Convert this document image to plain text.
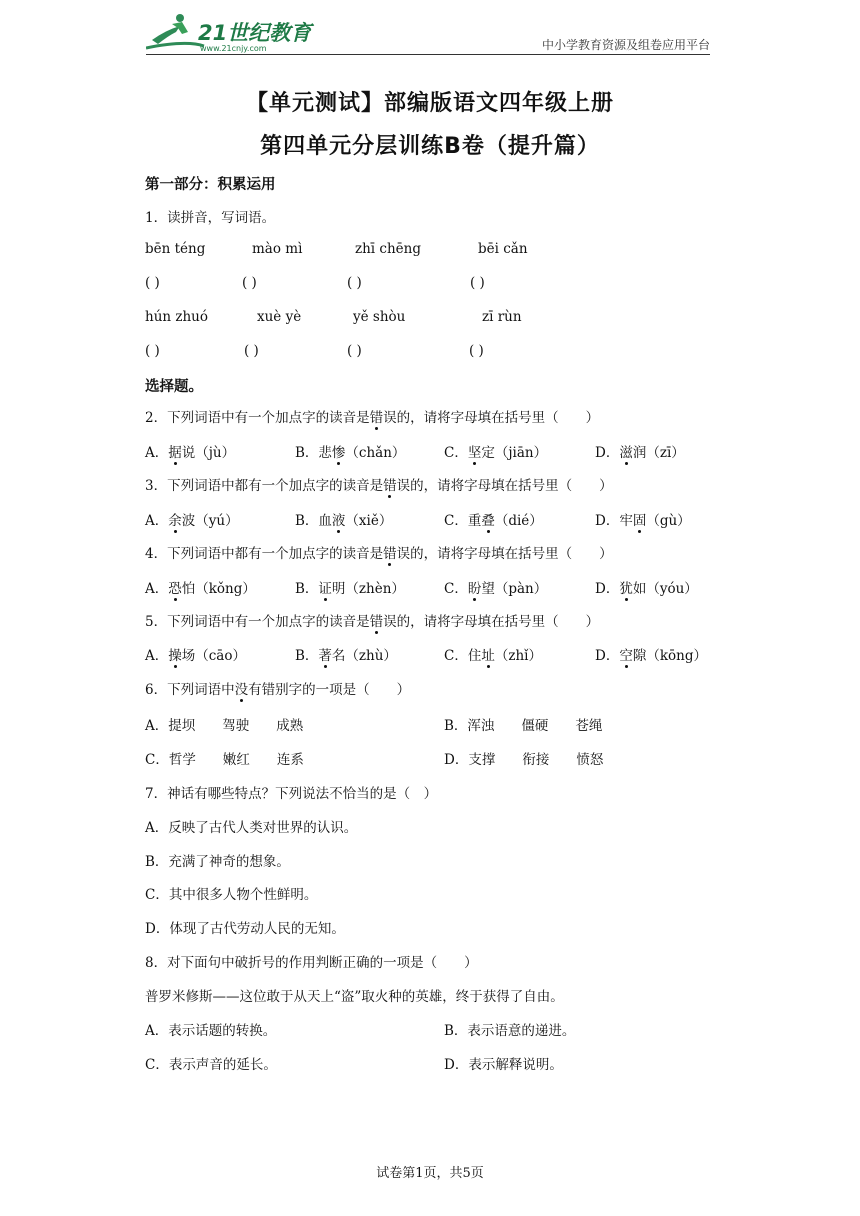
21世纪教育
www.21cnjy.com	中小学教育资源及组卷应用平台
【单元测试】部编版语文四年级上册
第四单元分层训练B卷（提升篇）
第一部分：积累运用
1．读拼音，写词语。
bēn téng	mào mì	zhī chēng	bēi cǎn
( )	( )	( )	( )
hún zhuó	xuè yè	yě shòu	zī rùn
( )	( )	( )	( )
选择题。
2．下列词语中有一个加点字的读音是错误的，请将字母填在括号里（　　）
A．据说（jù）	B．悲惨（chǎn）	C．坚定（jiān）	D．滋润（zī）
3．下列词语中都有一个加点字的读音是错误的，请将字母填在括号里（　　）
A．余波（yú）	B．血液（xiě）	C．重叠（dié）	D．牢固（gù）
4．下列词语中都有一个加点字的读音是错误的，请将字母填在括号里（　　）
A．恐怕（kǒng）	B．证明（zhèn）	C．盼望（pàn）	D．犹如（yóu）
5．下列词语中有一个加点字的读音是错误的，请将字母填在括号里（　　）
A．操场（cāo）	B．著名（zhù）	C．住址（zhǐ）	D．空隙（kōng）
6．下列词语中没有错别字的一项是（　　）
A．提坝　　驾驶　　成熟	B．浑浊　　僵硬　　苍绳
C．哲学　　嫩红　　连系	D．支撑　　衔接　　愤怒
7．神话有哪些特点？下列说法不恰当的是（　）
A．反映了古代人类对世界的认识。
B．充满了神奇的想象。
C．其中很多人物个性鲜明。
D．体现了古代劳动人民的无知。
8．对下面句中破折号的作用判断正确的一项是（　　）
普罗米修斯——这位敢于从天上“盗”取火种的英雄，终于获得了自由。
A．表示话题的转换。	B．表示语意的递进。
C．表示声音的延长。	D．表示解释说明。
试卷第1页，共5页
